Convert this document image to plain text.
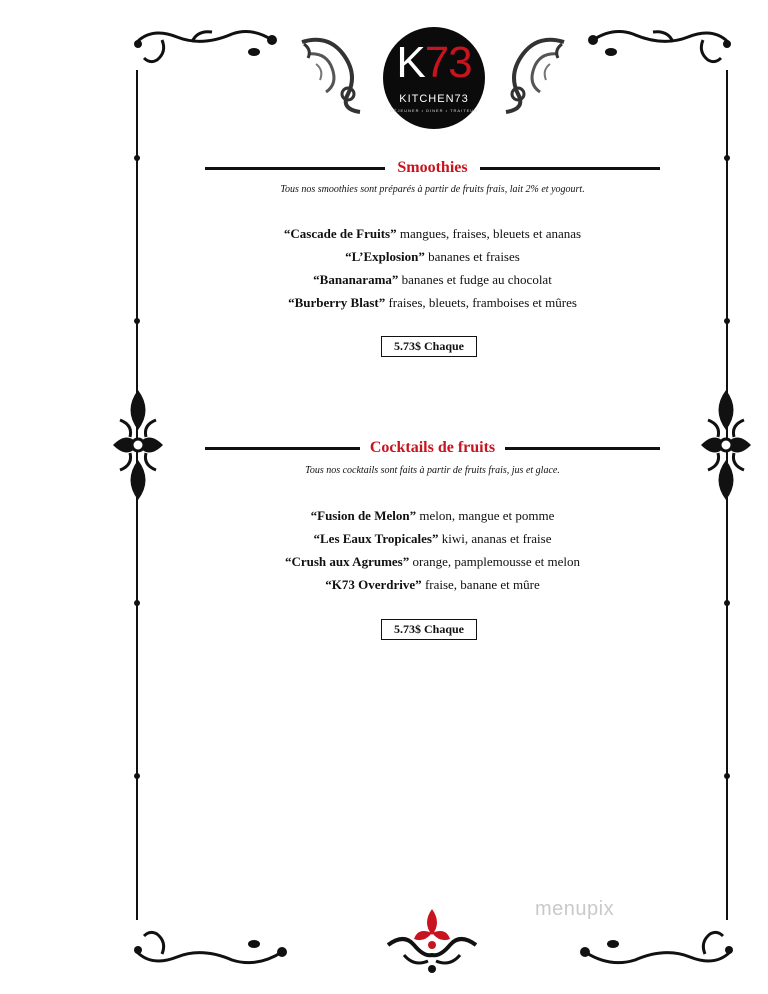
K73
KITCHEN73
DÉJEUNER • DINER • TRAITEUR
Smoothies
Tous nos smoothies sont préparés à partir de fruits frais, lait 2% et yogourt.
“Cascade de Fruits” mangues, fraises, bleuets et ananas
“L’Explosion” bananes et fraises
“Bananarama” bananes et fudge au chocolat
“Burberry Blast” fraises, bleuets, framboises et mûres
5.73$ Chaque
Cocktails de fruits
Tous nos cocktails sont faits à partir de fruits frais, jus et glace.
“Fusion de Melon” melon, mangue et pomme
“Les Eaux Tropicales” kiwi, ananas et fraise
“Crush aux Agrumes” orange, pamplemousse et melon
“K73 Overdrive” fraise, banane et mûre
5.73$ Chaque
menupix
